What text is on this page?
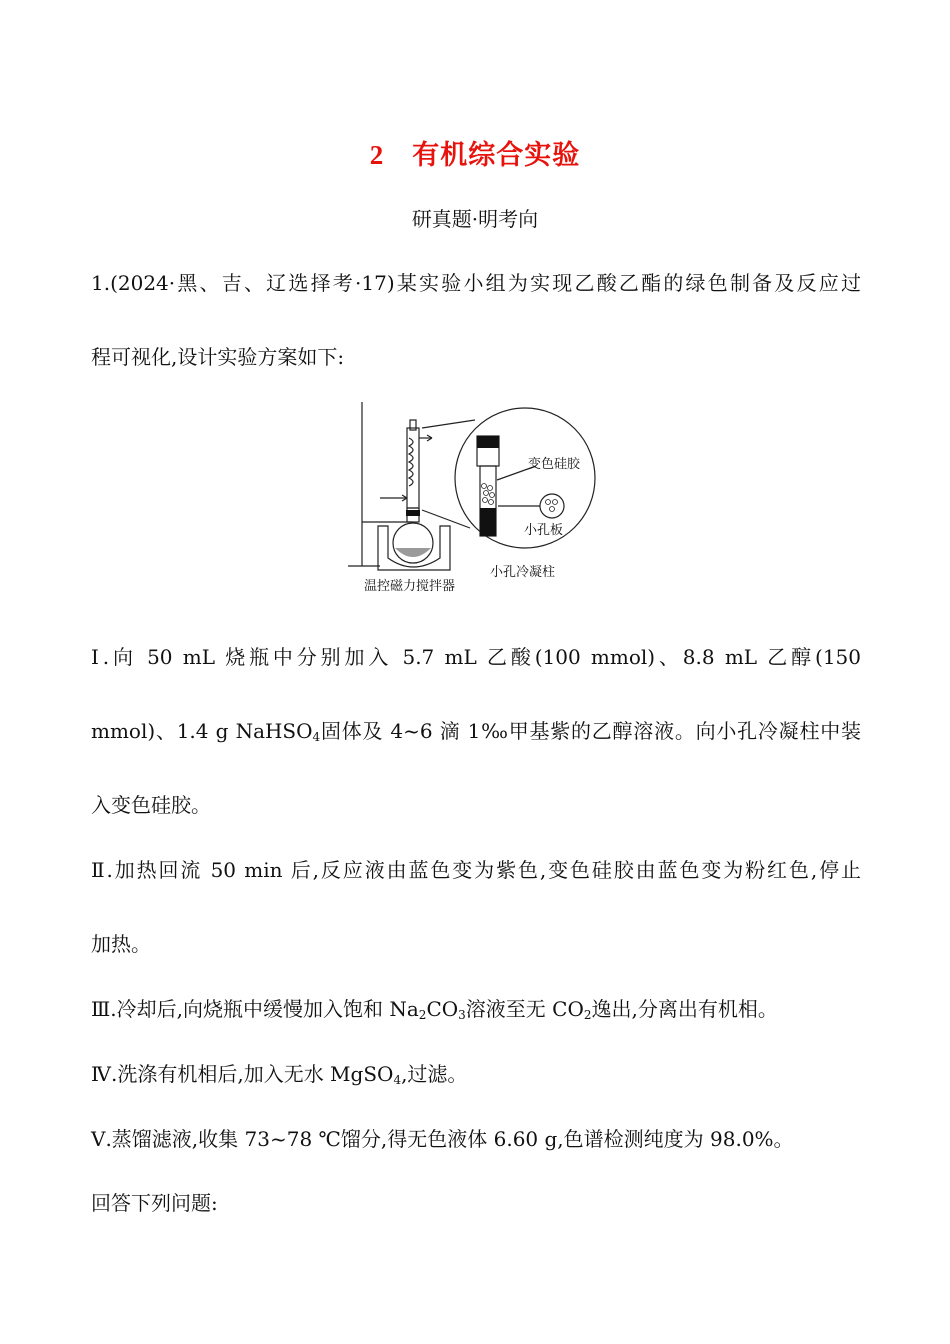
2 有机综合实验
研真题·明考向
1.(2024·黑、吉、辽选择考·17)某实验小组为实现乙酸乙酯的绿色制备及反应过
程可视化,设计实验方案如下:
变色硅胶
小孔板
小孔冷凝柱
温控磁力搅拌器
Ⅰ.向 50 mL 烧瓶中分别加入 5.7 mL 乙酸(100 mmol)、8.8 mL 乙醇(150
mmol)、1.4 g NaHSO$_4$固体及 4~6 滴 1‰甲基紫的乙醇溶液。向小孔冷凝柱中装
入变色硅胶。
Ⅱ.加热回流 50 min 后,反应液由蓝色变为紫色,变色硅胶由蓝色变为粉红色,停止
加热。
Ⅲ.冷却后,向烧瓶中缓慢加入饱和 $Na_2CO_3$溶液至无 $CO_2$逸出,分离出有机相。
Ⅳ.洗涤有机相后,加入无水 MgSO$_4$,过滤。
Ⅴ.蒸馏滤液,收集 73~78 ℃馏分,得无色液体 6.60 g,色谱检测纯度为 98.0%。
回答下列问题:
